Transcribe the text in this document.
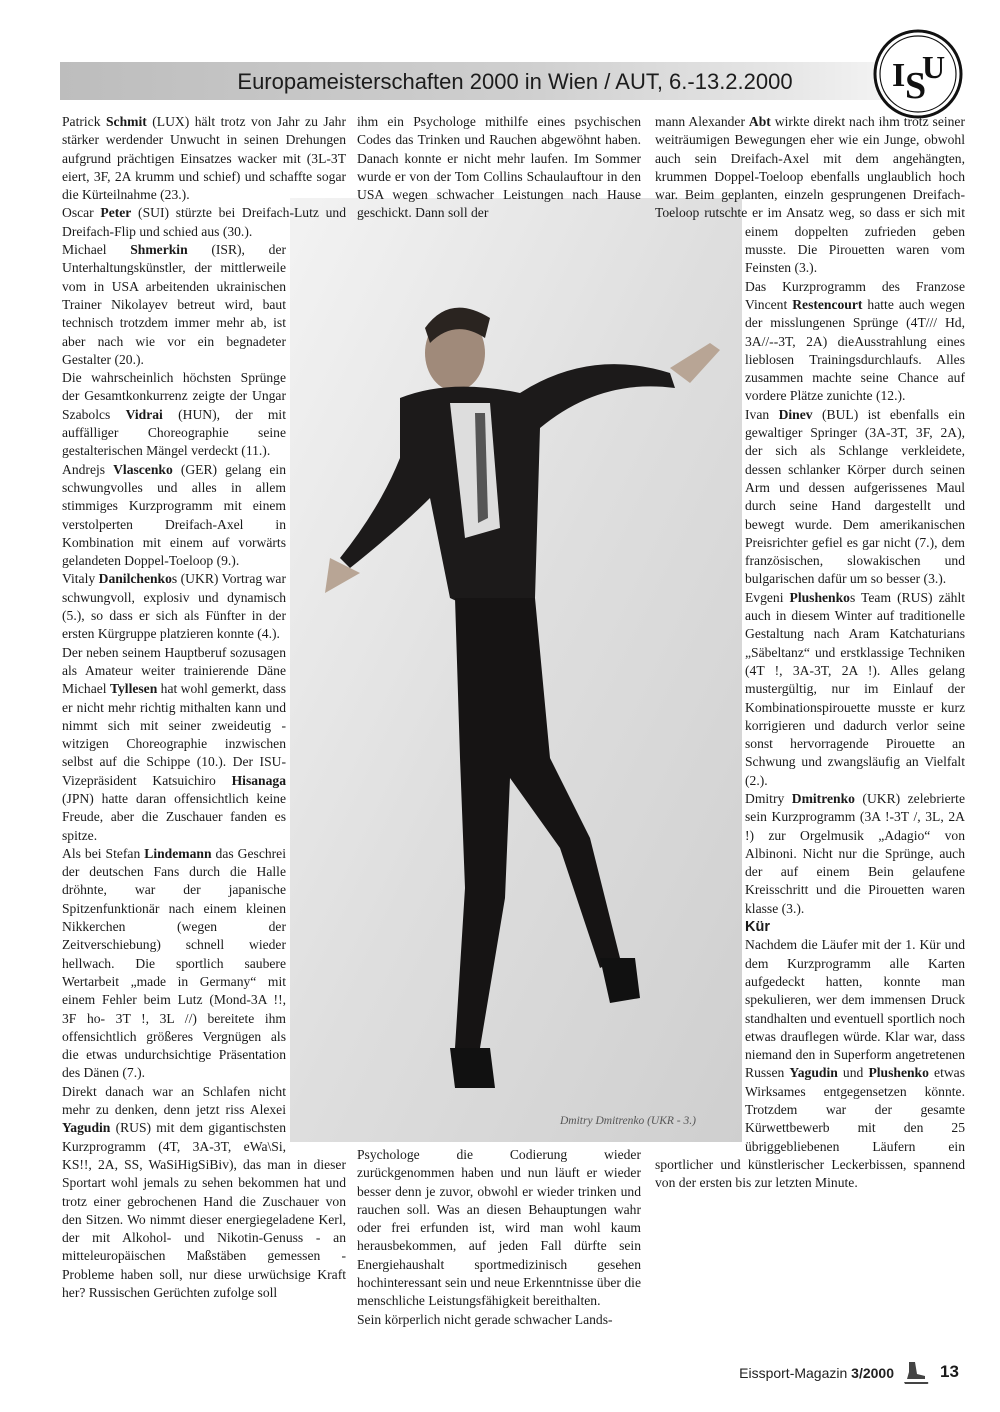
Europameisterschaften 2000 in Wien / AUT, 6.-13.2.2000	I S
U
Dmitry Dmitrenko (UKR - 3.)

Patrick Schmit (LUX) hält trotz von Jahr zu Jahr stärker werdender Unwucht in seinen Drehungen aufgrund prächtigen Einsatzes wacker mit (3L-3T eiert, 3F, 2A krumm und schief) und schaffte sogar die Kürteilnahme (23.).

Oscar Peter (SUI) stürzte bei Dreifach-Lutz und Dreifach-Flip und schied aus (30.).

Michael Shmerkin (ISR), der Unterhaltungskünstler, der mittlerweile vom in USA arbeitenden ukrainischen Trainer Nikolayev betreut wird, baut technisch trotzdem immer mehr ab, ist aber nach wie vor ein begnadeter Gestalter (20.).

Die wahrscheinlich höchsten Sprünge der Gesamtkonkurrenz zeigte der Ungar Szabolcs Vidrai (HUN), der mit auffälliger Choreographie seine gestalterischen Mängel verdeckt (11.).

Andrejs Vlascenko (GER) gelang ein schwungvolles und alles in allem stimmiges Kurzprogramm mit einem verstolperten Dreifach-Axel in Kombination mit einem auf vorwärts gelandeten Doppel-Toeloop (9.).

Vitaly Danilchenkos (UKR) Vortrag war schwungvoll, explosiv und dynamisch (5.), so dass er sich als Fünfter in der ersten Kürgruppe platzieren konnte (4.).

Der neben seinem Hauptberuf sozusagen als Amateur weiter trainierende Däne Michael Tyllesen hat wohl gemerkt, dass er nicht mehr richtig mithalten kann und nimmt sich mit seiner zweideutig - witzigen Choreographie inzwischen selbst auf die Schippe (10.). Der ISU-Vizepräsident Katsuichiro Hisanaga (JPN) hatte daran offensichtlich keine Freude, aber die Zuschauer fanden es spitze.

Als bei Stefan Lindemann das Geschrei der deutschen Fans durch die Halle dröhnte, war der japanische Spitzenfunktionär nach einem kleinen Nikkerchen (wegen der Zeitverschiebung) schnell wieder hellwach. Die sportlich saubere Wertarbeit „made in Germany“ mit einem Fehler beim Lutz (Mond-3A !!, 3F ho- 3T !, 3L //) bereitete ihm offensichtlich größeres Vergnügen als die etwas undurchsichtige Präsentation des Dänen (7.).

Direkt danach war an Schlafen nicht mehr zu denken, denn jetzt riss Alexei Yagudin (RUS) mit dem gigantischsten Kurzprogramm (4T, 3A-3T, eWa\Si, KS!!, 2A, SS, WaSiHigSiBiv), das man in dieser Sportart wohl jemals zu sehen bekommen hat und trotz einer gebrochenen Hand die Zuschauer von den Sitzen. Wo nimmt dieser energiegeladene Kerl, der mit Alkohol- und Nikotin-Genuss - an mitteleuropäischen Maßstäben gemessen - Probleme haben soll, nur diese urwüchsige Kraft her? Russischen Gerüchten zufolge soll

ihm ein Psychologe mithilfe eines psychischen Codes das Trinken und Rauchen abgewöhnt haben. Danach konnte er nicht mehr laufen. Im Sommer wurde er von der Tom Collins Schaulauftour in den USA wegen schwacher Leistungen nach Hause geschickt. Dann soll der

Psychologe die Codierung wieder zurückgenommen haben und nun läuft er wieder besser denn je zuvor, obwohl er wieder trinken und rauchen soll. Was an diesen Behauptungen wahr oder frei erfunden ist, wird man wohl kaum herausbekommen, auf jeden Fall dürfte sein Energiehaushalt sportmedizinisch gesehen hochinteressant sein und neue Erkenntnisse über die menschliche Leistungsfähigkeit bereithalten.

Sein körperlich nicht gerade schwacher Lands-

mann Alexander Abt wirkte direkt nach ihm trotz seiner weiträumigen Bewegungen eher wie ein Junge, obwohl auch sein Dreifach-Axel mit dem angehängten, krummen Doppel-Toeloop ebenfalls unglaublich hoch war. Beim geplanten, einzeln gesprungenen Dreifach-Toeloop rutschte er im Ansatz weg, so dass er sich mit einem doppelten zufrieden geben musste. Die Pirouetten waren vom Feinsten (3.).

Das Kurzprogramm des Franzose Vincent Restencourt hatte auch wegen der misslungenen Sprünge (4T/// Hd, 3A//--3T, 2A) dieAusstrahlung eines lieblosen Trainingsdurchlaufs. Alles zusammen machte seine Chance auf vordere Plätze zunichte (12.).

Ivan Dinev (BUL) ist ebenfalls ein gewaltiger Springer (3A-3T, 3F, 2A), der sich als Schlange verkleidete, dessen schlanker Körper durch seinen Arm und dessen aufgerissenes Maul durch seine Hand dargestellt und bewegt wurde. Dem amerikanischen Preisrichter gefiel es gar nicht (7.), dem französischen, slowakischen und bulgarischen dafür um so besser (3.).

Evgeni Plushenkos Team (RUS) zählt auch in diesem Winter auf traditionelle Gestaltung nach Aram Katchaturians „Säbeltanz“ und erstklassige Techniken (4T !, 3A-3T, 2A !). Alles gelang mustergültig, nur im Einlauf der Kombinationspirouette musste er kurz korrigieren und dadurch verlor seine sonst hervorragende Pirouette an Schwung und zwangsläufig an Vielfalt (2.).

Dmitry Dmitrenko (UKR) zelebrierte sein Kurzprogramm (3A !-3T /, 3L, 2A !) zur Orgelmusik „Adagio“ von Albinoni. Nicht nur die Sprünge, auch der auf einem Bein gelaufene Kreisschritt und die Pirouetten waren klasse (3.).

Kür

Nachdem die Läufer mit der 1. Kür und dem Kurzprogramm alle Karten aufgedeckt hatten, konnte man spekulieren, wer dem immensen Druck standhalten und eventuell sportlich noch etwas drauflegen würde. Klar war, dass niemand den in Superform angetretenen Russen Yagudin und Plushenko etwas Wirksames entgegensetzen könnte. Trotzdem war der gesamte Kürwettbewerb mit den 25 übriggebliebenen Läufern ein sportlicher und künstlerischer Leckerbissen, spannend von der ersten bis zur letzten Minute.

Eissport-Magazin 3/2000	13
